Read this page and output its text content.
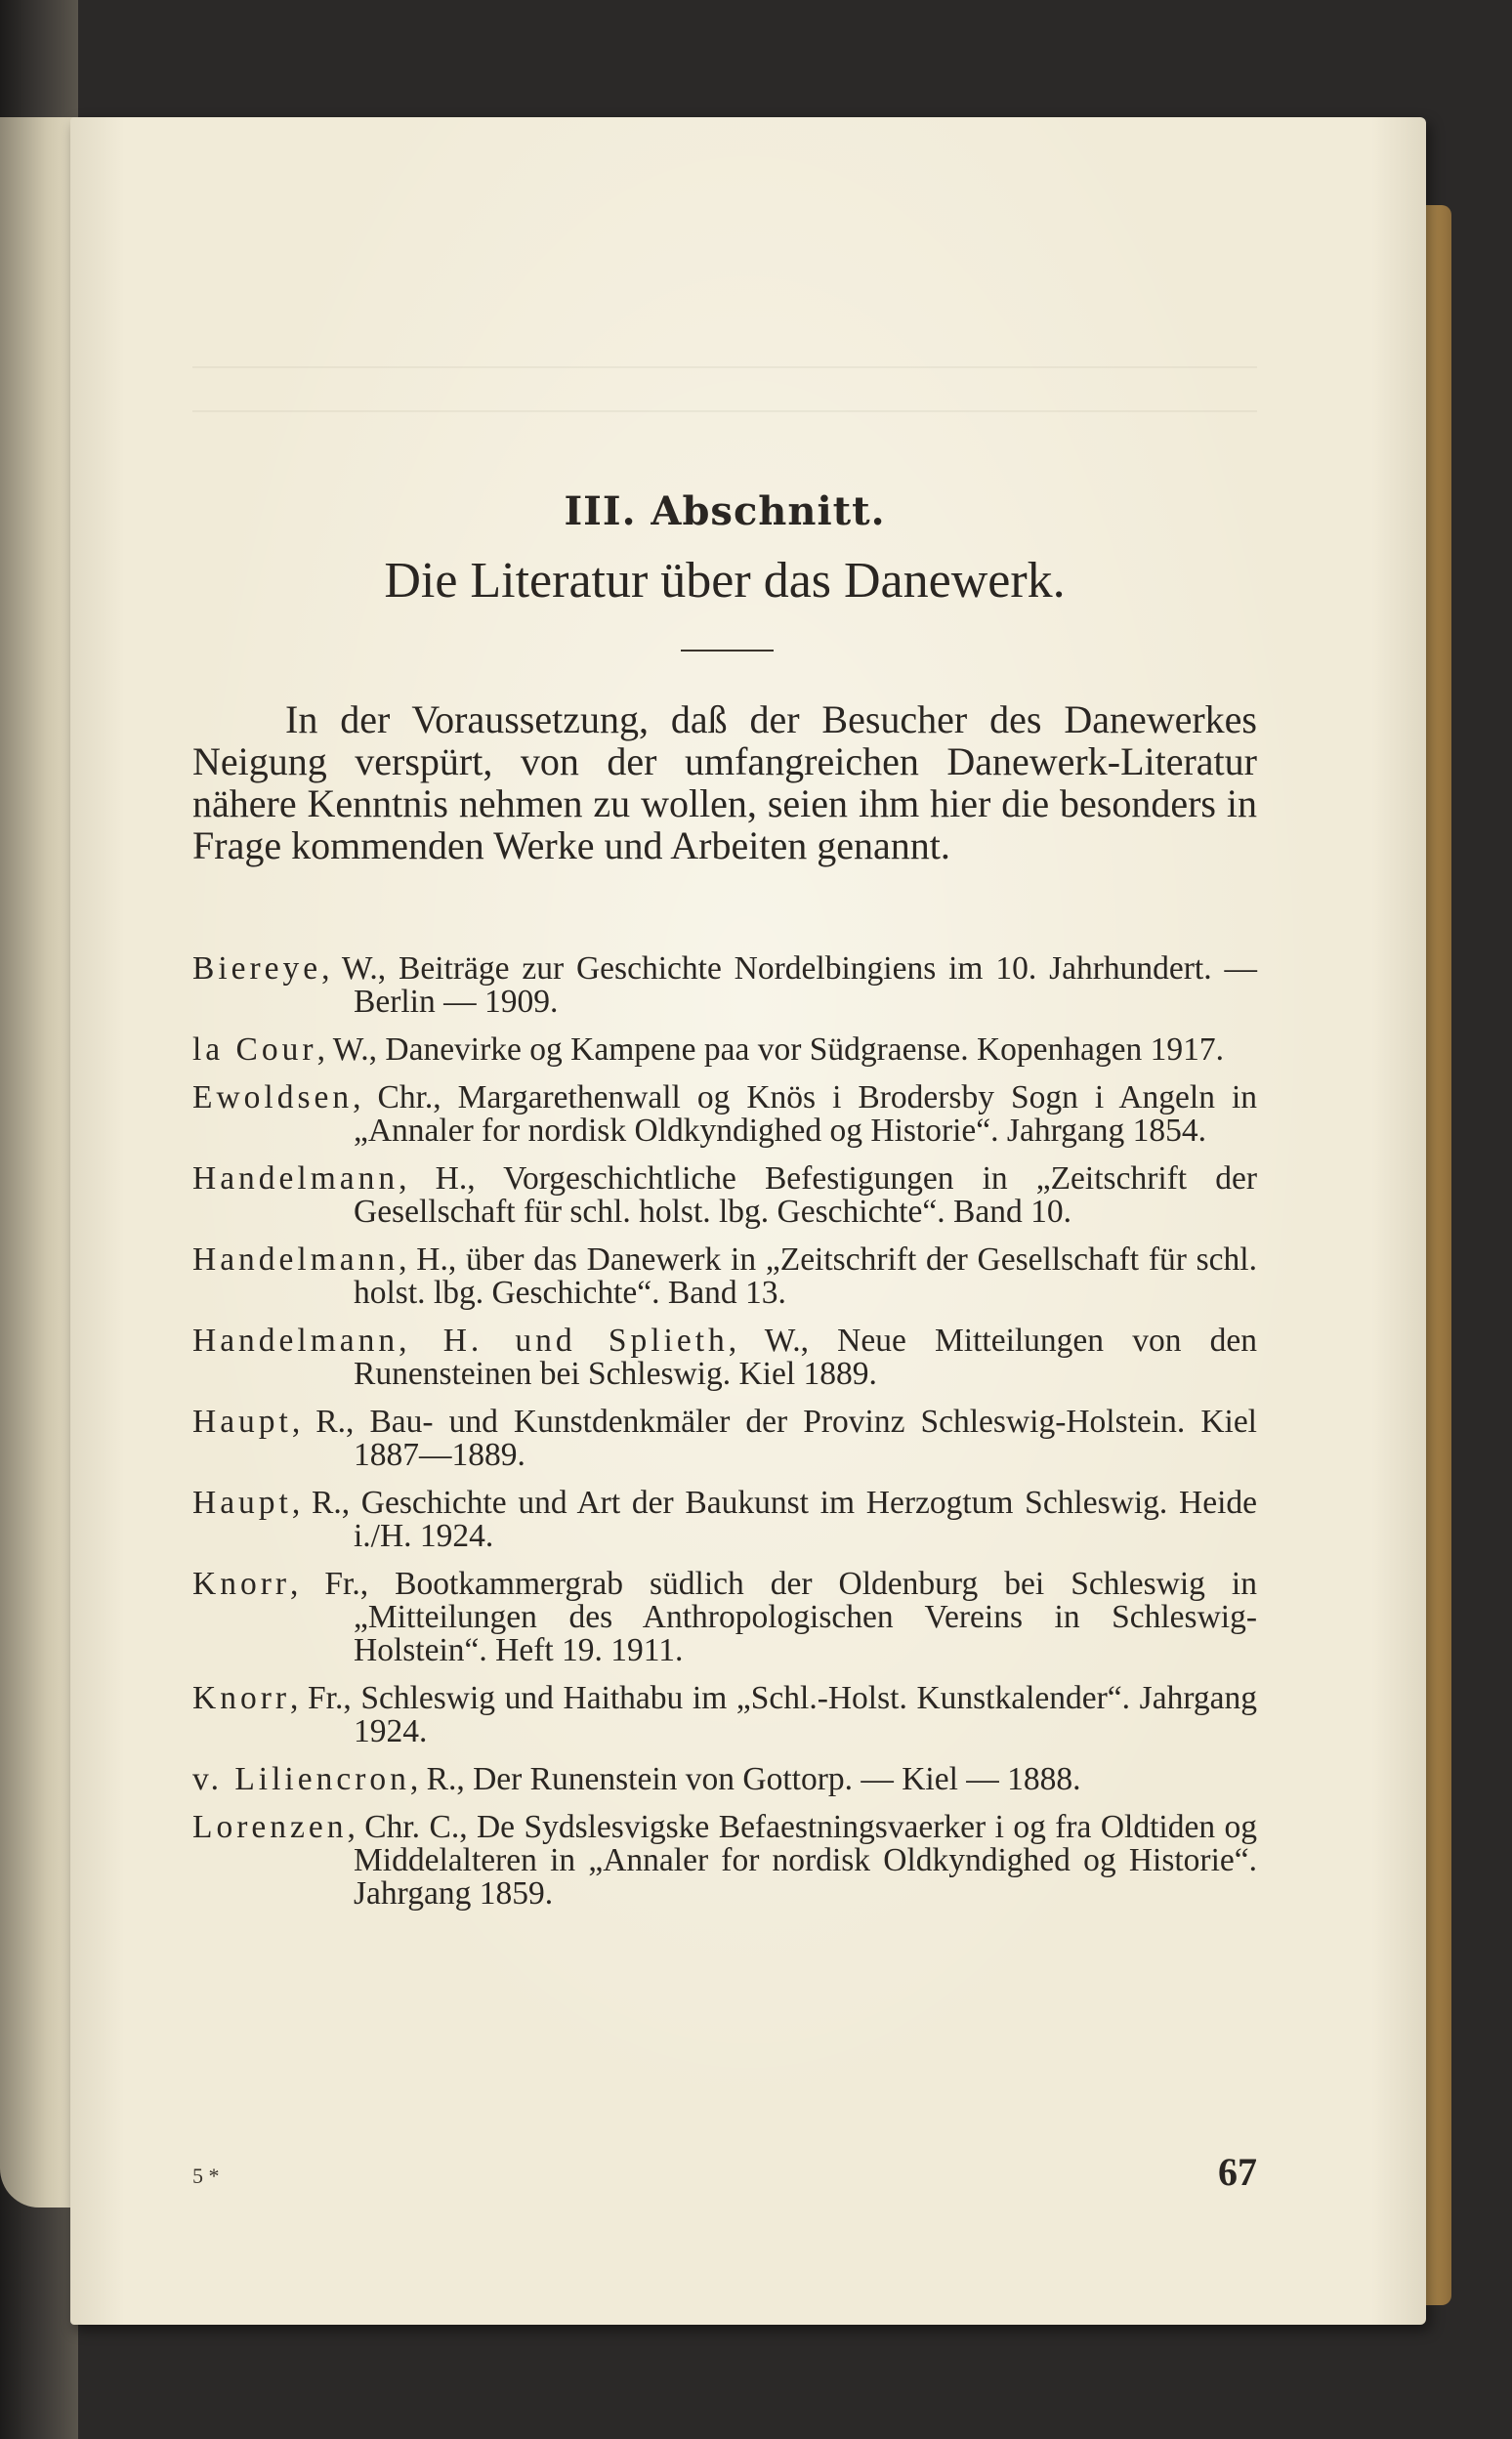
III. Abschnitt.
Die Literatur über das Danewerk.

In der Voraussetzung, daß der Besucher des Danewerkes Neigung verspürt, von der umfangreichen Danewerk-Literatur nähere Kenntnis nehmen zu wollen, seien ihm hier die besonders in Frage kommenden Werke und Arbeiten genannt.

Biereye, W., Beiträge zur Geschichte Nordelbingiens im 10. Jahrhundert. — Berlin — 1909.
la Cour, W., Danevirke og Kampene paa vor Südgraense. Kopenhagen 1917.
Ewoldsen, Chr., Margarethenwall og Knös i Brodersby Sogn i Angeln in „Annaler for nordisk Oldkyndighed og Historie“. Jahrgang 1854.
Handelmann, H., Vorgeschichtliche Befestigungen in „Zeitschrift der Gesellschaft für schl. holst. lbg. Geschichte“. Band 10.
Handelmann, H., über das Danewerk in „Zeitschrift der Gesellschaft für schl. holst. lbg. Geschichte“. Band 13.
Handelmann, H. und Splieth, W., Neue Mitteilungen von den Runensteinen bei Schleswig. Kiel 1889.
Haupt, R., Bau- und Kunstdenkmäler der Provinz Schleswig-Holstein. Kiel 1887—1889.
Haupt, R., Geschichte und Art der Baukunst im Herzogtum Schleswig. Heide i./H. 1924.
Knorr, Fr., Bootkammergrab südlich der Oldenburg bei Schleswig in „Mitteilungen des Anthropologischen Vereins in Schleswig-Holstein“. Heft 19. 1911.
Knorr, Fr., Schleswig und Haithabu im „Schl.-Holst. Kunstkalender“. Jahrgang 1924.
v. Liliencron, R., Der Runenstein von Gottorp. — Kiel — 1888.
Lorenzen, Chr. C., De Sydslesvigske Befaestningsvaerker i og fra Oldtiden og Middelalteren in „Annaler for nordisk Oldkyndighed og Historie“. Jahrgang 1859.
5 *	67
